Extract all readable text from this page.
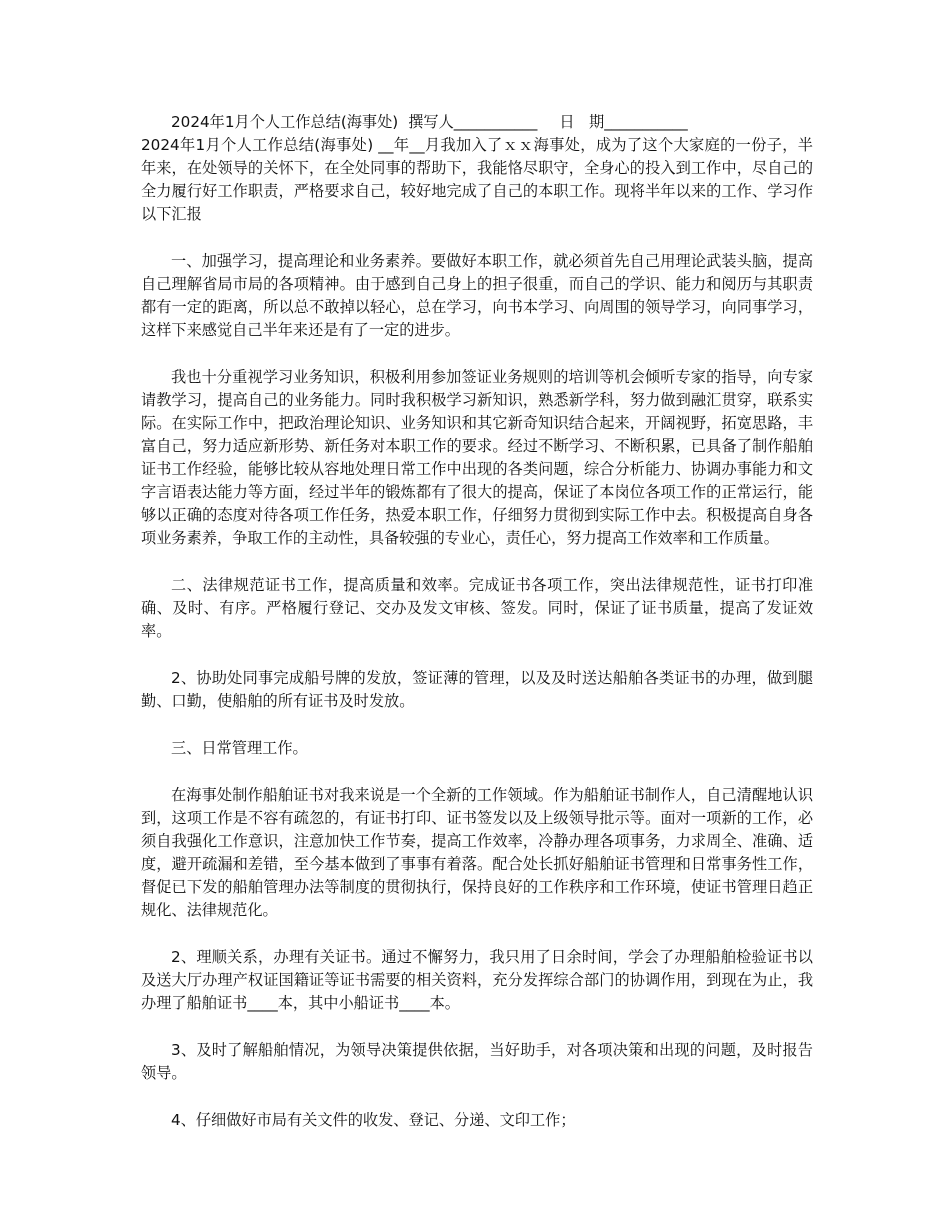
2024年1月个人工作总结(海事处) 撰写人___________ 日   期___________

2024年1月个人工作总结(海事处) __年__月我加入了ｘｘ海事处，成为了这个大家庭的一份子，半年来，在处领导的关怀下，在全处同事的帮助下，我能恪尽职守，全身心的投入到工作中，尽自己的全力履行好工作职责，严格要求自己，较好地完成了自己的本职工作。现将半年以来的工作、学习作以下汇报

一、加强学习，提高理论和业务素养。要做好本职工作，就必须首先自己用理论武装头脑，提高自己理解省局市局的各项精神。由于感到自己身上的担子很重，而自己的学识、能力和阅历与其职责都有一定的距离，所以总不敢掉以轻心，总在学习，向书本学习、向周围的领导学习，向同事学习，这样下来感觉自己半年来还是有了一定的进步。

我也十分重视学习业务知识，积极利用参加签证业务规则的培训等机会倾听专家的指导，向专家请教学习，提高自己的业务能力。同时我积极学习新知识，熟悉新学科，努力做到融汇贯穿，联系实际。在实际工作中，把政治理论知识、业务知识和其它新奇知识结合起来，开阔视野，拓宽思路，丰富自己，努力适应新形势、新任务对本职工作的要求。经过不断学习、不断积累，已具备了制作船舶证书工作经验，能够比较从容地处理日常工作中出现的各类问题，综合分析能力、协调办事能力和文字言语表达能力等方面，经过半年的锻炼都有了很大的提高，保证了本岗位各项工作的正常运行，能够以正确的态度对待各项工作任务，热爱本职工作，仔细努力贯彻到实际工作中去。积极提高自身各项业务素养，争取工作的主动性，具备较强的专业心，责任心，努力提高工作效率和工作质量。

二、法律规范证书工作，提高质量和效率。完成证书各项工作，突出法律规范性，证书打印准确、及时、有序。严格履行登记、交办及发文审核、签发。同时，保证了证书质量，提高了发证效率。

2、协助处同事完成船号牌的发放，签证薄的管理，以及及时送达船舶各类证书的办理，做到腿勤、口勤，使船舶的所有证书及时发放。

三、日常管理工作。

在海事处制作船舶证书对我来说是一个全新的工作领域。作为船舶证书制作人，自己清醒地认识到，这项工作是不容有疏忽的，有证书打印、证书签发以及上级领导批示等。面对一项新的工作，必须自我强化工作意识，注意加快工作节奏，提高工作效率，冷静办理各项事务，力求周全、准确、适度，避开疏漏和差错，至今基本做到了事事有着落。配合处长抓好船舶证书管理和日常事务性工作，督促已下发的船舶管理办法等制度的贯彻执行，保持良好的工作秩序和工作环境，使证书管理日趋正规化、法律规范化。

2、理顺关系，办理有关证书。通过不懈努力，我只用了日余时间，学会了办理船舶检验证书以及送大厅办理产权证国籍证等证书需要的相关资料，充分发挥综合部门的协调作用，到现在为止，我办理了船舶证书____本，其中小船证书____本。

3、及时了解船舶情况，为领导决策提供依据，当好助手，对各项决策和出现的问题，及时报告领导。

4、仔细做好市局有关文件的收发、登记、分递、文印工作；
